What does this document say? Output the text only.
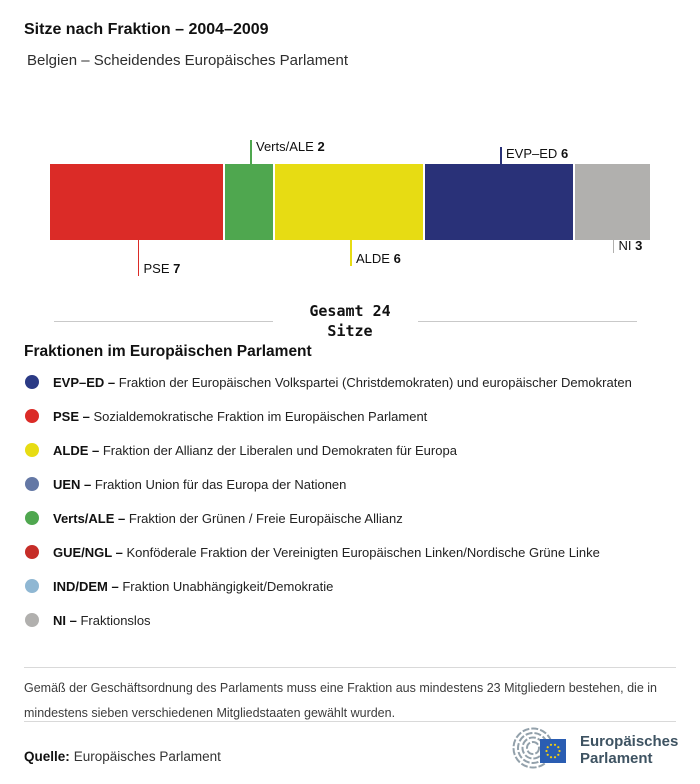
Sitze nach Fraktion – 2004–2009
Belgien – Scheidendes Europäisches Parlament
PSE 7
Verts/ALE 2
ALDE 6
EVP–ED 6
NI 3
Gesamt 24
Sitze
Fraktionen im Europäischen Parlament
EVP–ED – Fraktion der Europäischen Volkspartei (Christdemokraten) und europäischer Demokraten
PSE – Sozialdemokratische Fraktion im Europäischen Parlament
ALDE – Fraktion der Allianz der Liberalen und Demokraten für Europa
UEN – Fraktion Union für das Europa der Nationen
Verts/ALE – Fraktion der Grünen / Freie Europäische Allianz
GUE/NGL – Konföderale Fraktion der Vereinigten Europäischen Linken/Nordische Grüne Linke
IND/DEM – Fraktion Unabhängigkeit/Demokratie
NI – Fraktionslos
Gemäß der Geschäftsordnung des Parlaments muss eine Fraktion aus mindestens 23 Mitgliedern bestehen, die in mindestens sieben verschiedenen Mitgliedstaaten gewählt wurden.
Quelle: Europäisches Parlament
Europäisches
Parlament
